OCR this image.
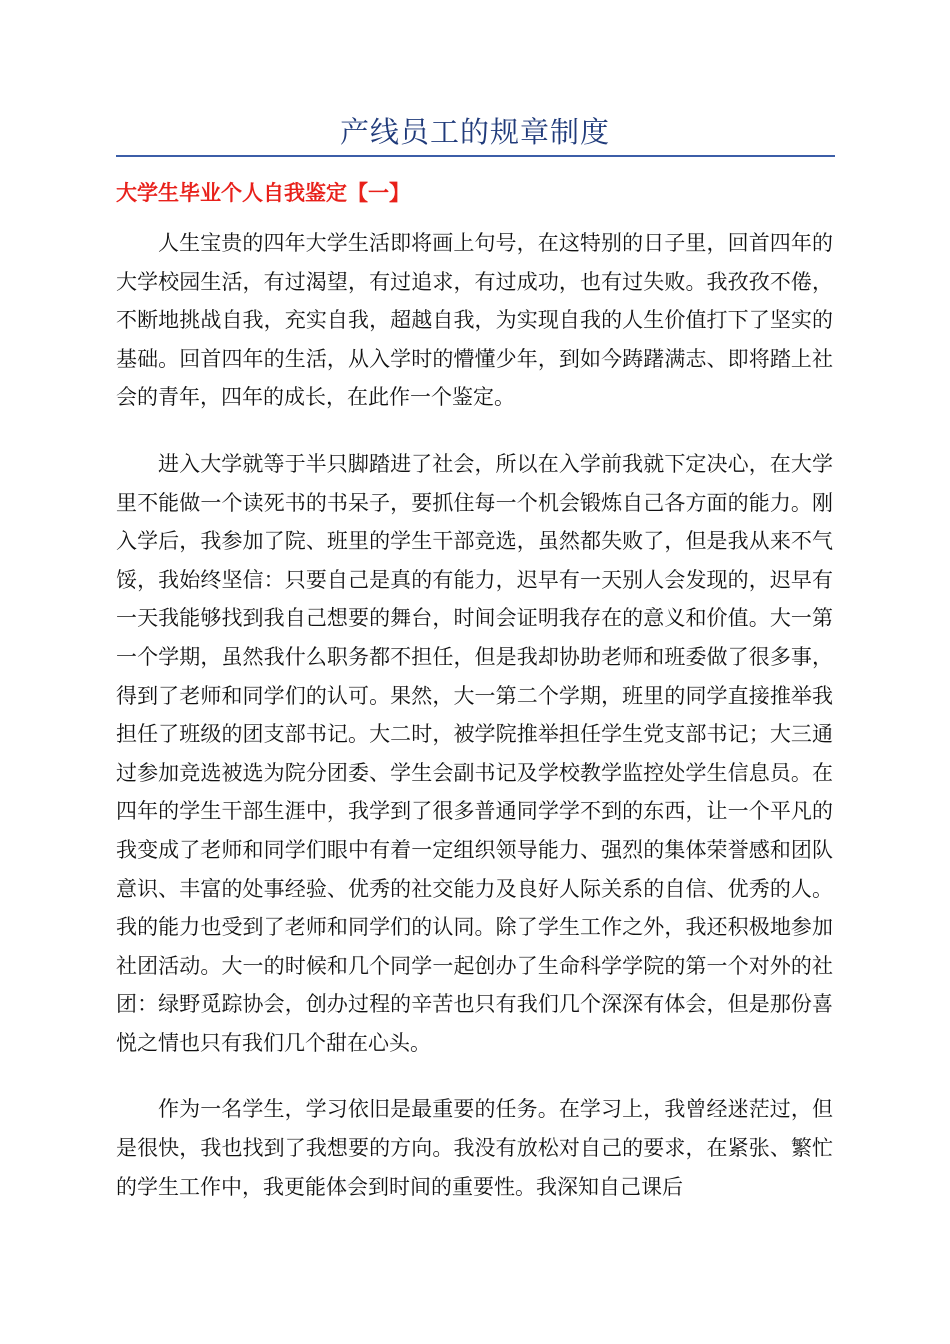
产线员工的规章制度
大学生毕业个人自我鉴定【一】

人生宝贵的四年大学生活即将画上句号，在这特别的日子里，回首四年的大学校园生活，有过渴望，有过追求，有过成功，也有过失败。我孜孜不倦，不断地挑战自我，充实自我，超越自我，为实现自我的人生价值打下了坚实的基础。回首四年的生活，从入学时的懵懂少年，到如今踌躇满志、即将踏上社会的青年，四年的成长，在此作一个鉴定。

进入大学就等于半只脚踏进了社会，所以在入学前我就下定决心，在大学里不能做一个读死书的书呆子，要抓住每一个机会锻炼自己各方面的能力。刚入学后，我参加了院、班里的学生干部竞选，虽然都失败了，但是我从来不气馁，我始终坚信：只要自己是真的有能力，迟早有一天别人会发现的，迟早有一天我能够找到我自己想要的舞台，时间会证明我存在的意义和价值。大一第一个学期，虽然我什么职务都不担任，但是我却协助老师和班委做了很多事，得到了老师和同学们的认可。果然，大一第二个学期，班里的同学直接推举我担任了班级的团支部书记。大二时，被学院推举担任学生党支部书记；大三通过参加竞选被选为院分团委、学生会副书记及学校教学监控处学生信息员。在四年的学生干部生涯中，我学到了很多普通同学学不到的东西，让一个平凡的我变成了老师和同学们眼中有着一定组织领导能力、强烈的集体荣誉感和团队意识、丰富的处事经验、优秀的社交能力及良好人际关系的自信、优秀的人。我的能力也受到了老师和同学们的认同。除了学生工作之外，我还积极地参加社团活动。大一的时候和几个同学一起创办了生命科学学院的第一个对外的社团：绿野觅踪协会，创办过程的辛苦也只有我们几个深深有体会，但是那份喜悦之情也只有我们几个甜在心头。

作为一名学生，学习依旧是最重要的任务。在学习上，我曾经迷茫过，但是很快，我也找到了我想要的方向。我没有放松对自己的要求，在紧张、繁忙的学生工作中，我更能体会到时间的重要性。我深知自己课后
